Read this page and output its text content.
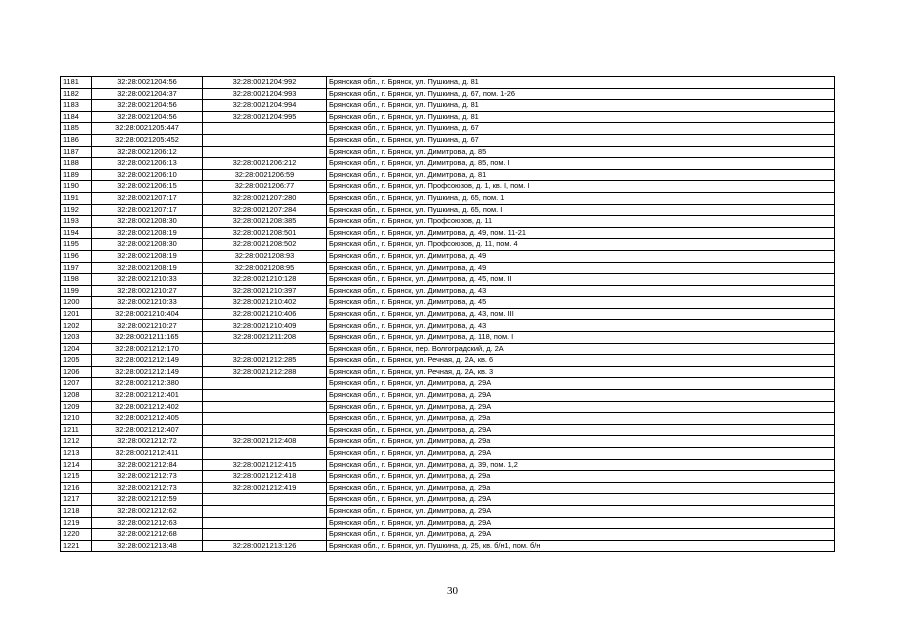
1181	32:28:0021204:56	32:28:0021204:992	Брянская обл., г. Брянск, ул. Пушкина, д. 81
1182	32:28:0021204:37	32:28:0021204:993	Брянская обл., г. Брянск, ул. Пушкина, д. 67, пом. 1-26
1183	32:28:0021204:56	32:28:0021204:994	Брянская обл., г. Брянск, ул. Пушкина, д. 81
1184	32:28:0021204:56	32:28:0021204:995	Брянская обл., г. Брянск, ул. Пушкина, д. 81
1185	32:28:0021205:447		Брянская обл., г. Брянск, ул. Пушкина, д. 67
1186	32:28:0021205:452		Брянская обл., г. Брянск, ул. Пушкина, д. 67
1187	32:28:0021206:12		Брянская обл., г. Брянск, ул. Димитрова, д. 85
1188	32:28:0021206:13	32:28:0021206:212	Брянская обл., г. Брянск, ул. Димитрова, д. 85, пом. I
1189	32:28:0021206:10	32:28:0021206:59	Брянская обл., г. Брянск, ул. Димитрова, д. 81
1190	32:28:0021206:15	32:28:0021206:77	Брянская обл., г. Брянск, ул. Профсоюзов, д. 1, кв. I, пом. I
1191	32:28:0021207:17	32:28:0021207:280	Брянская обл., г. Брянск, ул. Пушкина, д. 65, пом. 1
1192	32:28:0021207:17	32:28:0021207:284	Брянская обл., г. Брянск, ул. Пушкина, д. 65, пом. I
1193	32:28:0021208:30	32:28:0021208:385	Брянская обл., г. Брянск, ул. Профсоюзов, д. 11
1194	32:28:0021208:19	32:28:0021208:501	Брянская обл., г. Брянск, ул. Димитрова, д. 49, пом. 11-21
1195	32:28:0021208:30	32:28:0021208:502	Брянская обл., г. Брянск, ул. Профсоюзов, д. 11, пом. 4
1196	32:28:0021208:19	32:28:0021208:93	Брянская обл., г. Брянск, ул. Димитрова, д. 49
1197	32:28:0021208:19	32:28:0021208:95	Брянская обл., г. Брянск, ул. Димитрова, д. 49
1198	32:28:0021210:33	32:28:0021210:128	Брянская обл., г. Брянск, ул. Димитрова, д. 45, пом. II
1199	32:28:0021210:27	32:28:0021210:397	Брянская обл., г. Брянск, ул. Димитрова, д. 43
1200	32:28:0021210:33	32:28:0021210:402	Брянская обл., г. Брянск, ул. Димитрова, д. 45
1201	32:28:0021210:404	32:28:0021210:406	Брянская обл., г. Брянск, ул. Димитрова, д. 43, пом. III
1202	32:28:0021210:27	32:28:0021210:409	Брянская обл., г. Брянск, ул. Димитрова, д. 43
1203	32:28:0021211:165	32:28:0021211:208	Брянская обл., г. Брянск, ул. Димитрова, д. 118, пом. I
1204	32:28:0021212:170		Брянская обл., г. Брянск, пер. Волгоградский, д. 2А
1205	32:28:0021212:149	32:28:0021212:285	Брянская обл., г. Брянск, ул. Речная, д. 2А, кв. 6
1206	32:28:0021212:149	32:28:0021212:288	Брянская обл., г. Брянск, ул. Речная, д. 2А, кв. 3
1207	32:28:0021212:380		Брянская обл., г. Брянск, ул. Димитрова, д. 29А
1208	32:28:0021212:401		Брянская обл., г. Брянск, ул. Димитрова, д. 29А
1209	32:28:0021212:402		Брянская обл., г. Брянск, ул. Димитрова, д. 29А
1210	32:28:0021212:405		Брянская обл., г. Брянск, ул. Димитрова, д. 29а
1211	32:28:0021212:407		Брянская обл., г. Брянск, ул. Димитрова, д. 29А
1212	32:28:0021212:72	32:28:0021212:408	Брянская обл., г. Брянск, ул. Димитрова, д. 29а
1213	32:28:0021212:411		Брянская обл., г. Брянск, ул. Димитрова, д. 29А
1214	32:28:0021212:84	32:28:0021212:415	Брянская обл., г. Брянск, ул. Димитрова, д. 39, пом. 1,2
1215	32:28:0021212:73	32:28:0021212:418	Брянская обл., г. Брянск, ул. Димитрова, д. 29а
1216	32:28:0021212:73	32:28:0021212:419	Брянская обл., г. Брянск, ул. Димитрова, д. 29а
1217	32:28:0021212:59		Брянская обл., г. Брянск, ул. Димитрова, д. 29А
1218	32:28:0021212:62		Брянская обл., г. Брянск, ул. Димитрова, д. 29А
1219	32:28:0021212:63		Брянская обл., г. Брянск, ул. Димитрова, д. 29А
1220	32:28:0021212:68		Брянская обл., г. Брянск, ул. Димитрова, д. 29А
1221	32:28:0021213:48	32:28:0021213:126	Брянская обл., г. Брянск, ул. Пушкина, д. 25, кв. б/н1, пом. б/н
30
